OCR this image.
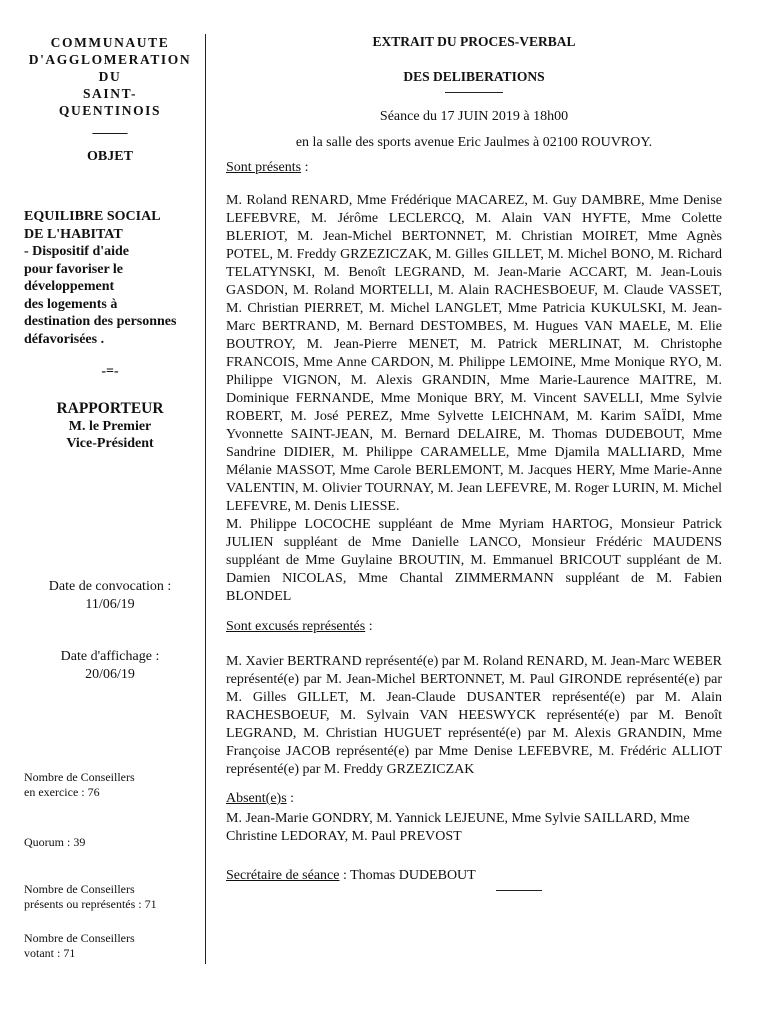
COMMUNAUTE
D'AGGLOMERATION
DU
SAINT-
QUENTINOIS
_____
OBJET
EQUILIBRE SOCIAL
DE L'HABITAT
- Dispositif d'aide
pour favoriser le
développement
des logements à
destination des personnes
défavorisées .
-=-
RAPPORTEUR
M. le Premier
Vice-Président
Date de convocation :
11/06/19
Date d'affichage :
20/06/19
Nombre de Conseillers
en exercice : 76
Quorum : 39
Nombre de Conseillers
présents ou représentés : 71
Nombre de Conseillers
votant : 71
EXTRAIT DU PROCES-VERBAL
DES DELIBERATIONS
Séance du 17 JUIN 2019 à 18h00
en la salle des sports avenue Eric Jaulmes à 02100 ROUVROY.
Sont présents :
M. Roland RENARD, Mme Frédérique MACAREZ, M. Guy DAMBRE, Mme Denise LEFEBVRE, M. Jérôme LECLERCQ, M. Alain VAN HYFTE, Mme Colette BLERIOT, M. Jean-Michel BERTONNET, M. Christian MOIRET, Mme Agnès POTEL, M. Freddy GRZEZICZAK, M. Gilles GILLET, M. Michel BONO, M. Richard TELATYNSKI, M. Benoît LEGRAND, M. Jean-Marie ACCART, M. Jean-Louis GASDON, M. Roland MORTELLI, M. Alain RACHESBOEUF, M. Claude VASSET, M. Christian PIERRET, M. Michel LANGLET, Mme Patricia KUKULSKI, M. Jean-Marc BERTRAND, M. Bernard DESTOMBES, M. Hugues VAN MAELE, M. Elie BOUTROY, M. Jean-Pierre MENET, M. Patrick MERLINAT, M. Christophe FRANCOIS, Mme Anne CARDON, M. Philippe LEMOINE, Mme Monique RYO, M. Philippe VIGNON, M. Alexis GRANDIN, Mme Marie-Laurence MAITRE, M. Dominique FERNANDE, Mme Monique BRY, M. Vincent SAVELLI, Mme Sylvie ROBERT, M. José PEREZ, Mme Sylvette LEICHNAM, M. Karim SAÏDI, Mme Yvonnette SAINT-JEAN, M. Bernard DELAIRE, M. Thomas DUDEBOUT, Mme Sandrine DIDIER, M. Philippe CARAMELLE, Mme Djamila MALLIARD, Mme Mélanie MASSOT, Mme Carole BERLEMONT, M. Jacques HERY, Mme Marie-Anne VALENTIN, M. Olivier TOURNAY, M. Jean LEFEVRE, M. Roger LURIN, M. Michel LEFEVRE, M. Denis LIESSE.
M. Philippe LOCOCHE suppléant de Mme Myriam HARTOG, Monsieur Patrick JULIEN suppléant de Mme Danielle LANCO, Monsieur Frédéric MAUDENS suppléant de Mme Guylaine BROUTIN, M. Emmanuel BRICOUT suppléant de M. Damien NICOLAS, Mme Chantal ZIMMERMANN suppléant de M. Fabien BLONDEL
Sont excusés représentés :
M. Xavier BERTRAND représenté(e) par M. Roland RENARD, M. Jean-Marc WEBER représenté(e) par M. Jean-Michel BERTONNET, M. Paul GIRONDE représenté(e) par M. Gilles GILLET, M. Jean-Claude DUSANTER représenté(e) par M. Alain RACHESBOEUF, M. Sylvain VAN HEESWYCK représenté(e) par M. Benoît LEGRAND, M. Christian HUGUET représenté(e) par M. Alexis GRANDIN, Mme Françoise JACOB représenté(e) par Mme Denise LEFEBVRE, M. Frédéric ALLIOT représenté(e) par M. Freddy GRZEZICZAK
Absent(e)s :
M. Jean-Marie GONDRY, M. Yannick LEJEUNE, Mme Sylvie SAILLARD, Mme Christine LEDORAY, M. Paul PREVOST
Secrétaire de séance : Thomas DUDEBOUT
